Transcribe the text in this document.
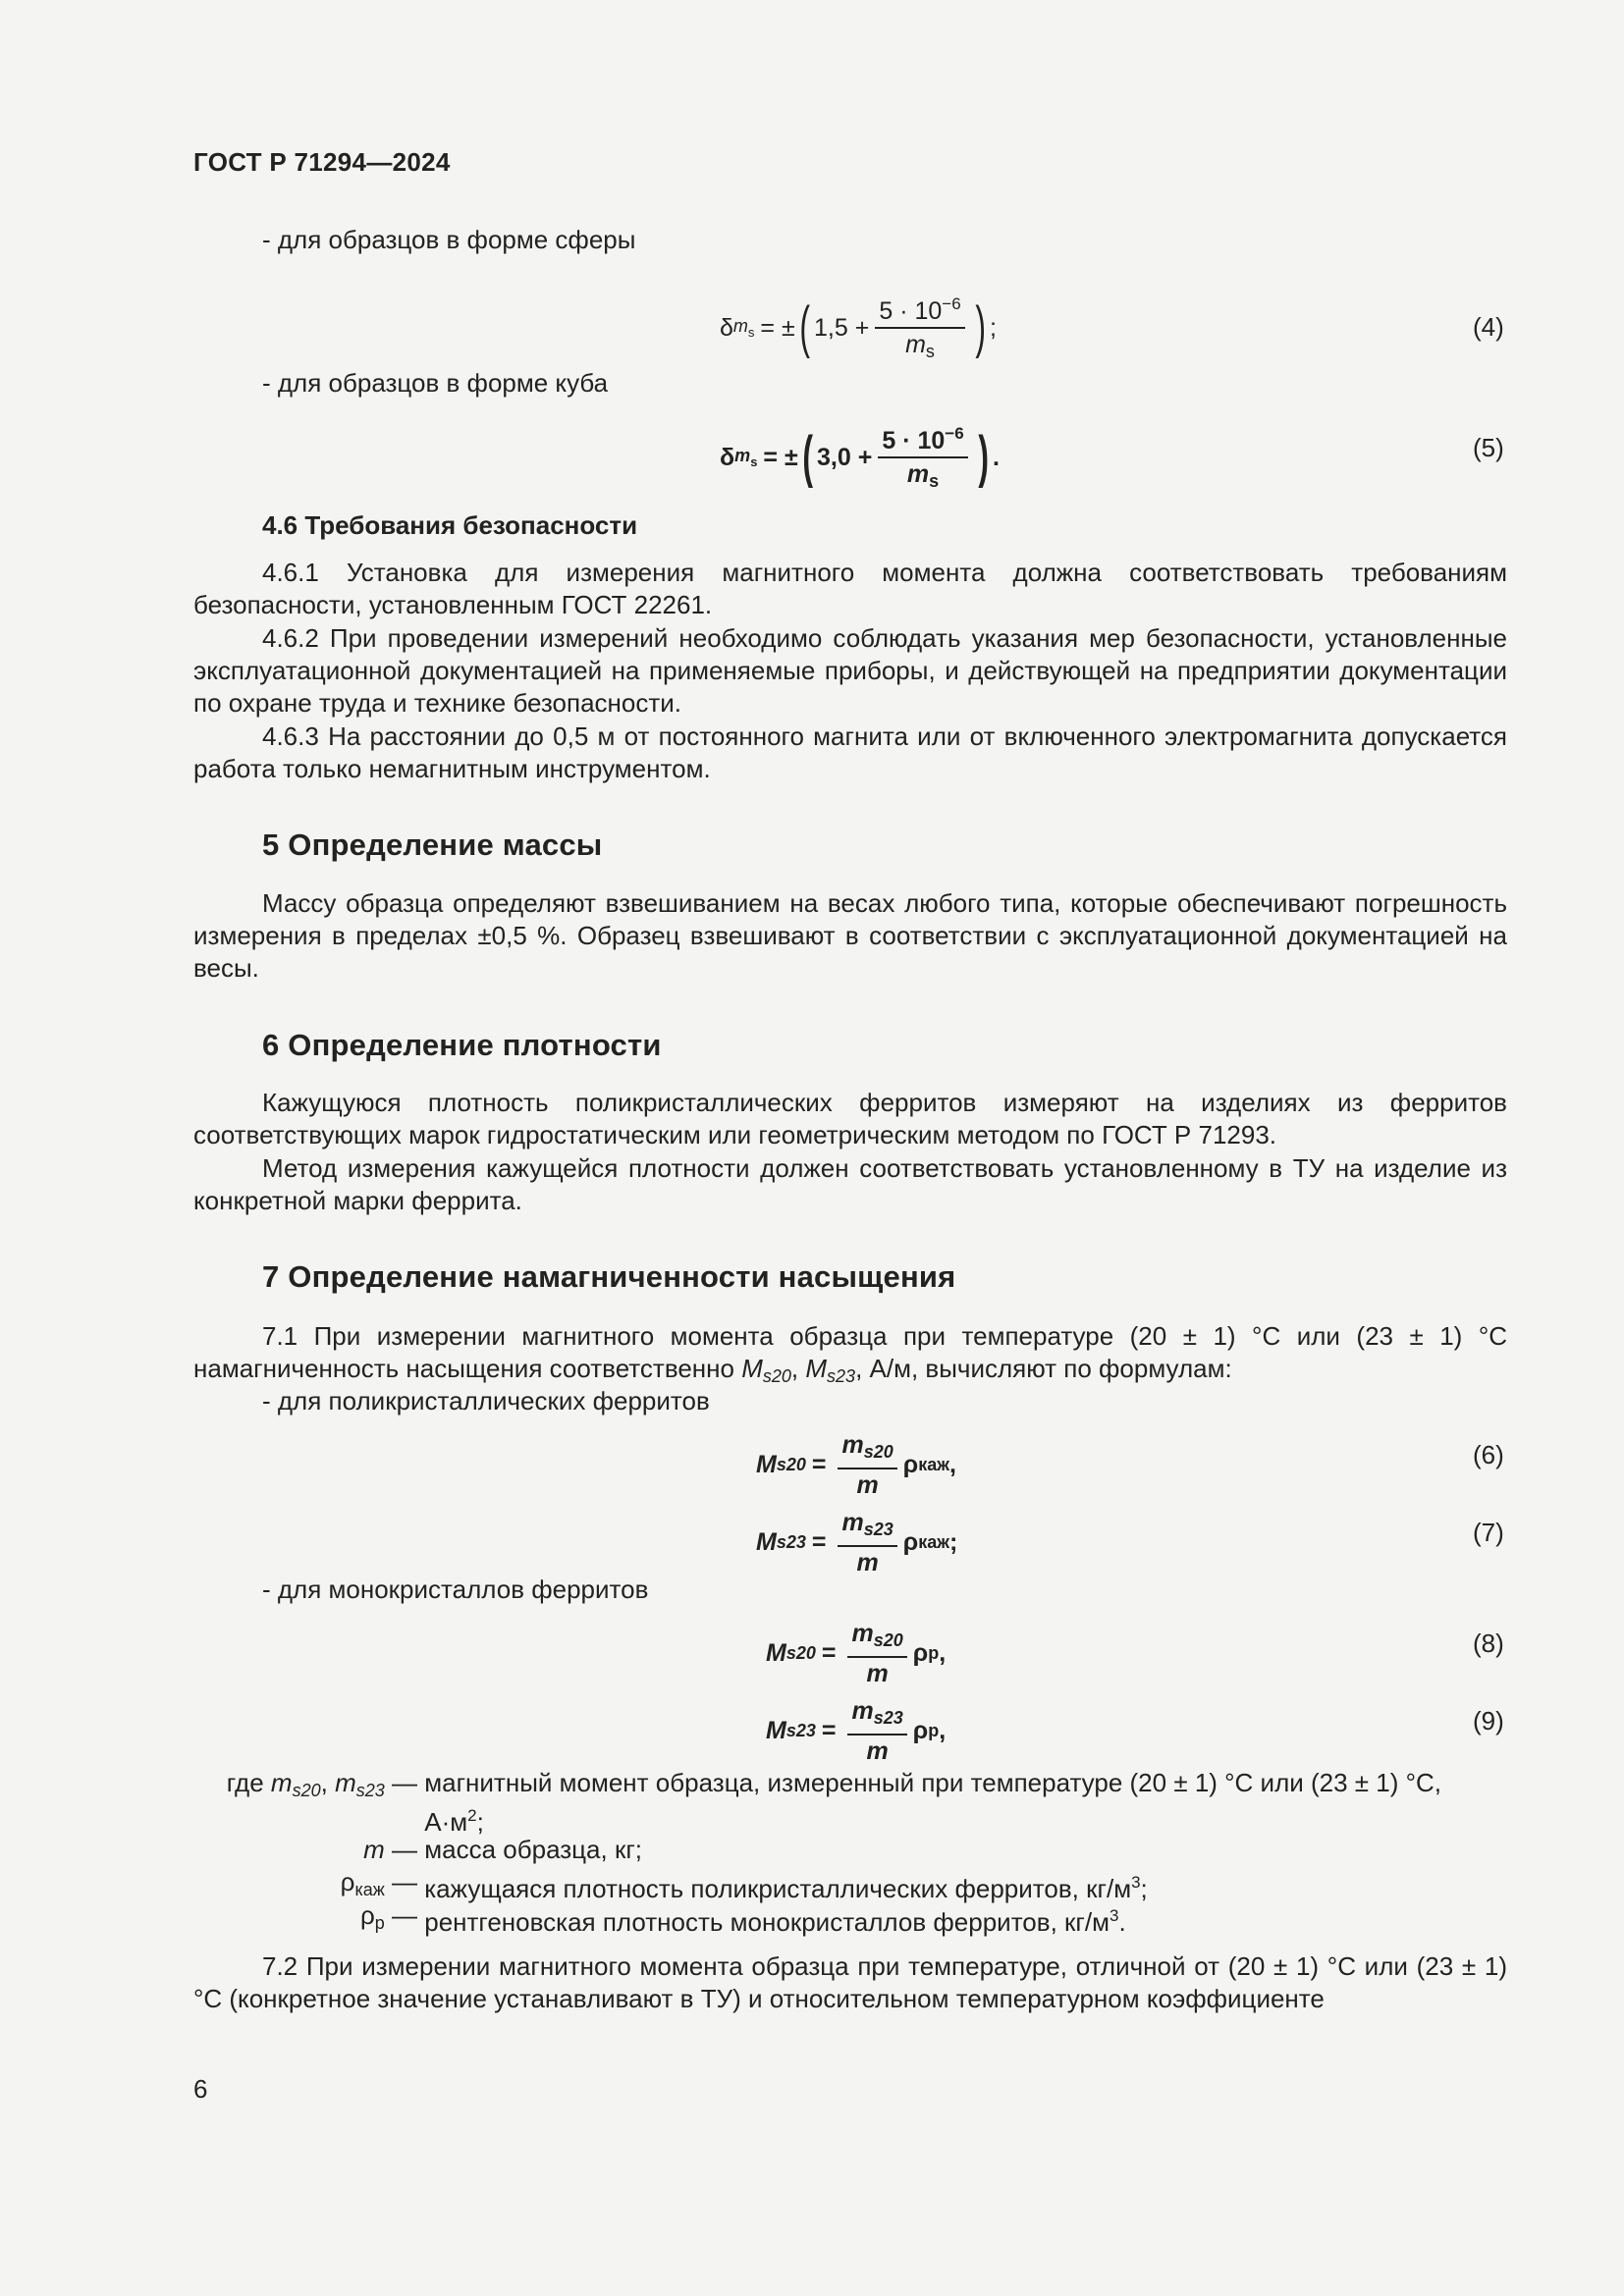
ГОСТ Р 71294—2024

- для образцов в форме сферы

δ $m_s$ = ± ( $1,5 + \frac{5 \cdot 10^{-6}}{m_s}$ ) ;	(4)

- для образцов в форме куба

δ $m_s$ = ± ( $3,0 + \frac{5 \cdot 10^{-6}}{m_s}$ ) .	(5)

4.6 Требования безопасности

4.6.1 Установка для измерения магнитного момента должна соответствовать требованиям безопасности, установленным ГОСТ 22261.

4.6.2 При проведении измерений необходимо соблюдать указания мер безопасности, установленные эксплуатационной документацией на применяемые приборы, и действующей на предприятии документации по охране труда и технике безопасности.

4.6.3 На расстоянии до 0,5 м от постоянного магнита или от включенного электромагнита допускается работа только немагнитным инструментом.

5 Определение массы

Массу образца определяют взвешиванием на весах любого типа, которые обеспечивают погрешность измерения в пределах ±0,5 %. Образец взвешивают в соответствии с эксплуатационной документацией на весы.

6 Определение плотности

Кажущуюся плотность поликристаллических ферритов измеряют на изделиях из ферритов соответствующих марок гидростатическим или геометрическим методом по ГОСТ Р 71293.

Метод измерения кажущейся плотности должен соответствовать установленному в ТУ на изделие из конкретной марки феррита.

7 Определение намагниченности насыщения

7.1 При измерении магнитного момента образца при температуре (20 ± 1) °С или (23 ± 1) °С намагниченность насыщения соответственно $M_{s20}$, $M_{s23}$, А/м, вычисляют по формулам:

- для поликристаллических ферритов

M $s20 = \frac{m_{s20}}{m}$ ρ каж ,	(6)
M $s23 = \frac{m_{s23}}{m}$ ρ каж ;	(7)

- для монокристаллов ферритов

M $s20 = \frac{m_{s20}}{m}$ ρ р ,	(8)
M $s23 = \frac{m_{s23}}{m}$ ρ р ,	(9)
где $m_{s20}$, $m_{s23}$ — магнитный момент образца, измеренный при температуре (20 ± 1) °С или (23 ± 1) °С,
$А\cdot м^2$;
m — масса образца, кг;
$\rho_{каж}$ — кажущаяся плотность поликристаллических ферритов, $кг/м^3$;
$\rho_р$ — рентгеновская плотность монокристаллов ферритов, $кг/м^3$.

7.2 При измерении магнитного момента образца при температуре, отличной от (20 ± 1) °С или (23 ± 1) °С (конкретное значение устанавливают в ТУ) и относительном температурном коэффициенте

6
